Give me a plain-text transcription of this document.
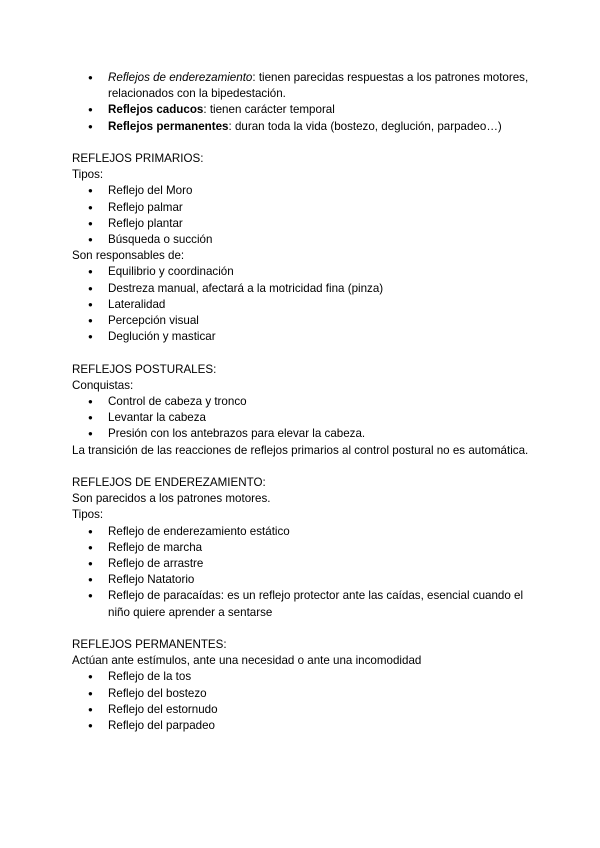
● Reflejos de enderezamiento: tienen parecidas respuestas a los patrones motores, relacionados con la bipedestación.
● Reflejos caducos: tienen carácter temporal
● Reflejos permanentes: duran toda la vida (bostezo, deglución, parpadeo…)

REFLEJOS PRIMARIOS:

Tipos:

● Reflejo del Moro
● Reflejo palmar
● Reflejo plantar
● Búsqueda o succión

Son responsables de:

● Equilibrio y coordinación
● Destreza manual, afectará a la motricidad fina (pinza)
● Lateralidad
● Percepción visual
● Deglución y masticar

REFLEJOS POSTURALES:

Conquistas:

● Control de cabeza y tronco
● Levantar la cabeza
● Presión con los antebrazos para elevar la cabeza.

La transición de las reacciones de reflejos primarios al control postural no es automática.

REFLEJOS DE ENDEREZAMIENTO:

Son parecidos a los patrones motores.

Tipos:

● Reflejo de enderezamiento estático
● Reflejo de marcha
● Reflejo de arrastre
● Reflejo Natatorio
● Reflejo de paracaídas: es un reflejo protector ante las caídas, esencial cuando el niño quiere aprender a sentarse

REFLEJOS PERMANENTES:

Actúan ante estímulos, ante una necesidad o ante una incomodidad

● Reflejo de la tos
● Reflejo del bostezo
● Reflejo del estornudo
● Reflejo del parpadeo
